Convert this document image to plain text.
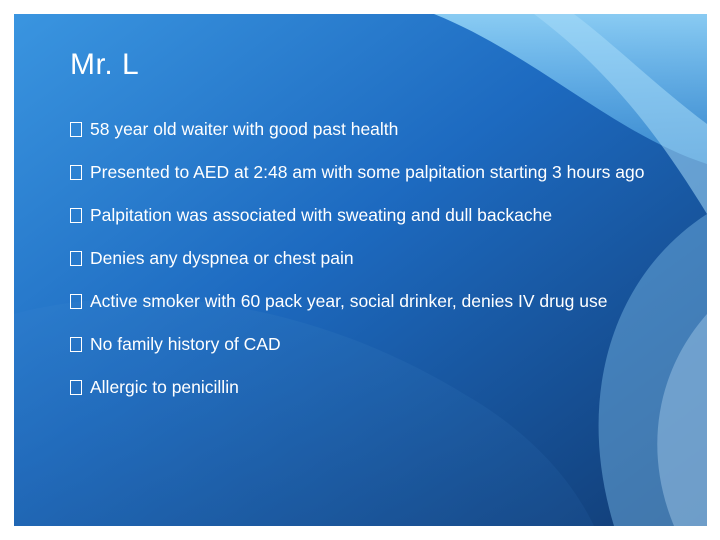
Mr. L
58 year old waiter with good past health
Presented to AED at 2:48 am with some palpitation starting 3 hours ago
Palpitation was associated with sweating and dull backache
Denies any dyspnea or chest pain
Active smoker with 60 pack year, social drinker, denies IV drug use
No family history of CAD
Allergic to penicillin
